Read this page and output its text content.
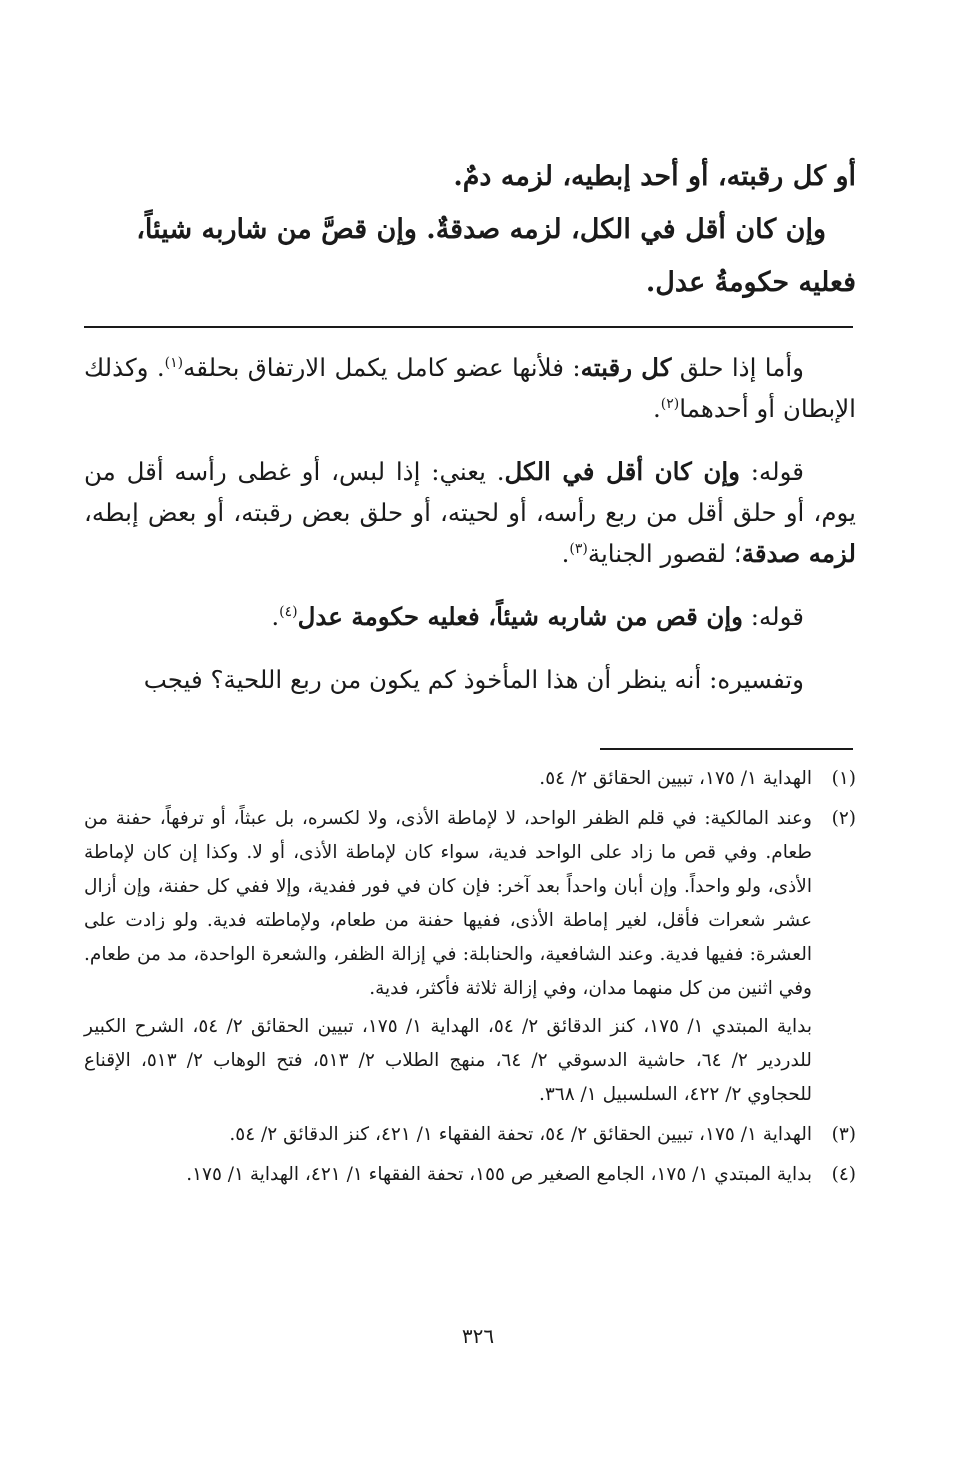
أو كل رقبته، أو أحد إبطيه، لزمه دمٌ.

وإن كان أقل في الكل، لزمه صدقةٌ. وإن قصَّ من شاربه شيئاً،

فعليه حكومةُ عدل.

وأما إذا حلق كل رقبته: فلأنها عضو كامل يكمل الارتفاق بحلقه$^{(١)}$. وكذلك الإبطان أو أحدهما$^{(٢)}$.

قوله: وإن كان أقل في الكل. يعني: إذا لبس، أو غطى رأسه أقل من يوم، أو حلق أقل من ربع رأسه، أو لحيته، أو حلق بعض رقبته، أو بعض إبطه، لزمه صدقة؛ لقصور الجناية$^{(٣)}$.

قوله: وإن قص من شاربه شيئاً، فعليه حكومة عدل$^{(٤)}$.

وتفسيره: أنه ينظر أن هذا المأخوذ كم يكون من ربع اللحية؟ فيجب

(١)
الهداية ١/ ١٧٥، تبيين الحقائق ٢/ ٥٤.
(٢)
وعند المالكية: في قلم الظفر الواحد، لا لإماطة الأذى، ولا لكسره، بل عبثاً، أو ترفهاً، حفنة من طعام. وفي قص ما زاد على الواحد فدية، سواء كان لإماطة الأذى، أو لا. وكذا إن كان لإماطة الأذى، ولو واحداً. وإن أبان واحداً بعد آخر: فإن كان في فور ففدية، وإلا ففي كل حفنة، وإن أزال عشر شعرات فأقل، لغير إماطة الأذى، ففيها حفنة من طعام، ولإماطته فدية. ولو زادت على العشرة: ففيها فدية. وعند الشافعية، والحنابلة: في إزالة الظفر، والشعرة الواحدة، مد من طعام. وفي اثنين من كل منهما مدان، وفي إزالة ثلاثة فأكثر، فدية.
بداية المبتدي ١/ ١٧٥، كنز الدقائق ٢/ ٥٤، الهداية ١/ ١٧٥، تبيين الحقائق ٢/ ٥٤، الشرح الكبير للدردير ٢/ ٦٤، حاشية الدسوقي ٢/ ٦٤، منهج الطلاب ٢/ ٥١٣، فتح الوهاب ٢/ ٥١٣، الإقناع للحجاوي ٢/ ٤٢٢، السلسبيل ١/ ٣٦٨.
(٣)
الهداية ١/ ١٧٥، تبيين الحقائق ٢/ ٥٤، تحفة الفقهاء ١/ ٤٢١، كنز الدقائق ٢/ ٥٤.
(٤)
بداية المبتدي ١/ ١٧٥، الجامع الصغير ص ١٥٥، تحفة الفقهاء ١/ ٤٢١، الهداية ١/ ١٧٥.
٣٢٦
